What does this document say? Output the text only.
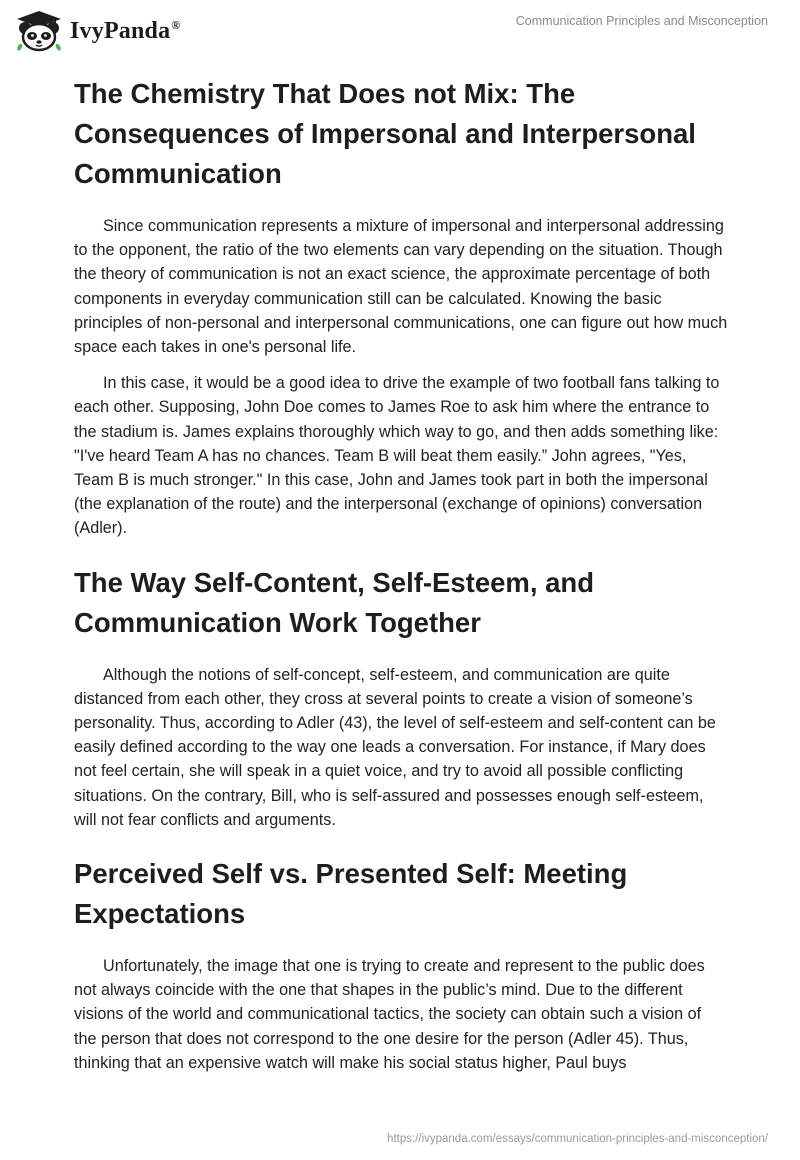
IvyPanda®	Communication Principles and Misconception
The Chemistry That Does not Mix: The Consequences of Impersonal and Interpersonal Communication

Since communication represents a mixture of impersonal and interpersonal addressing to the opponent, the ratio of the two elements can vary depending on the situation. Though the theory of communication is not an exact science, the approximate percentage of both components in everyday communication still can be calculated. Knowing the basic principles of non-personal and interpersonal communications, one can figure out how much space each takes in one's personal life.

In this case, it would be a good idea to drive the example of two football fans talking to each other. Supposing, John Doe comes to James Roe to ask him where the entrance to the stadium is. James explains thoroughly which way to go, and then adds something like: "I've heard Team A has no chances. Team B will beat them easily.” John agrees, "Yes, Team B is much stronger." In this case, John and James took part in both the impersonal (the explanation of the route) and the interpersonal (exchange of opinions) conversation (Adler).

The Way Self-Content, Self-Esteem, and Communication Work Together

Although the notions of self-concept, self-esteem, and communication are quite distanced from each other, they cross at several points to create a vision of someone’s personality. Thus, according to Adler (43), the level of self-esteem and self-content can be easily defined according to the way one leads a conversation. For instance, if Mary does not feel certain, she will speak in a quiet voice, and try to avoid all possible conflicting situations. On the contrary, Bill, who is self-assured and possesses enough self-esteem, will not fear conflicts and arguments.

Perceived Self vs. Presented Self: Meeting Expectations

Unfortunately, the image that one is trying to create and represent to the public does not always coincide with the one that shapes in the public’s mind. Due to the different visions of the world and communicational tactics, the society can obtain such a vision of the person that does not correspond to the one desire for the person (Adler 45). Thus, thinking that an expensive watch will make his social status higher, Paul buys

https://ivypanda.com/essays/communication-principles-and-misconception/
